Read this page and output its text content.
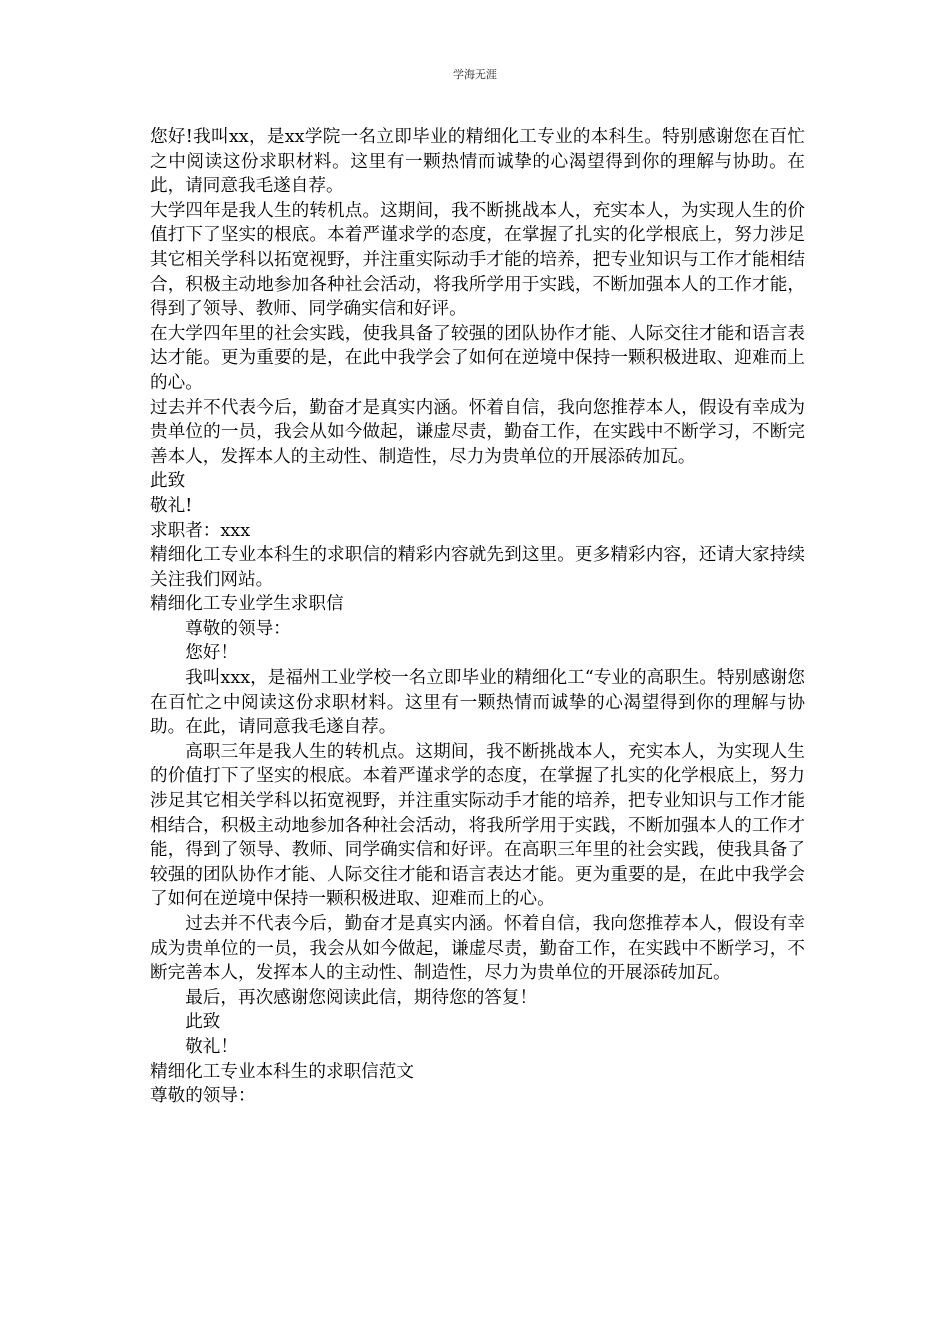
学海无涯

您好!我叫xx，是xx学院一名立即毕业的精细化工专业的本科生。特别感谢您在百忙之中阅读这份求职材料。这里有一颗热情而诚挚的心渴望得到你的理解与协助。在此，请同意我毛遂自荐。

大学四年是我人生的转机点。这期间，我不断挑战本人，充实本人，为实现人生的价值打下了坚实的根底。本着严谨求学的态度，在掌握了扎实的化学根底上，努力涉足其它相关学科以拓宽视野，并注重实际动手才能的培养，把专业知识与工作才能相结合，积极主动地参加各种社会活动，将我所学用于实践，不断加强本人的工作才能，得到了领导、教师、同学确实信和好评。

在大学四年里的社会实践，使我具备了较强的团队协作才能、人际交往才能和语言表达才能。更为重要的是，在此中我学会了如何在逆境中保持一颗积极进取、迎难而上的心。

过去并不代表今后，勤奋才是真实内涵。怀着自信，我向您推荐本人，假设有幸成为贵单位的一员，我会从如今做起，谦虚尽责，勤奋工作，在实践中不断学习，不断完善本人，发挥本人的主动性、制造性，尽力为贵单位的开展添砖加瓦。

此致

敬礼!

求职者：xxx

精细化工专业本科生的求职信的精彩内容就先到这里。更多精彩内容，还请大家持续关注我们网站。

精细化工专业学生求职信

尊敬的领导：

您好！

我叫xxx，是福州工业学校一名立即毕业的精细化工“专业的高职生。特别感谢您在百忙之中阅读这份求职材料。这里有一颗热情而诚挚的心渴望得到你的理解与协助。在此，请同意我毛遂自荐。

高职三年是我人生的转机点。这期间，我不断挑战本人，充实本人，为实现人生的价值打下了坚实的根底。本着严谨求学的态度，在掌握了扎实的化学根底上，努力涉足其它相关学科以拓宽视野，并注重实际动手才能的培养，把专业知识与工作才能相结合，积极主动地参加各种社会活动，将我所学用于实践，不断加强本人的工作才能，得到了领导、教师、同学确实信和好评。在高职三年里的社会实践，使我具备了较强的团队协作才能、人际交往才能和语言表达才能。更为重要的是，在此中我学会了如何在逆境中保持一颗积极进取、迎难而上的心。

过去并不代表今后，勤奋才是真实内涵。怀着自信，我向您推荐本人，假设有幸成为贵单位的一员，我会从如今做起，谦虚尽责，勤奋工作，在实践中不断学习，不断完善本人，发挥本人的主动性、制造性，尽力为贵单位的开展添砖加瓦。

最后，再次感谢您阅读此信，期待您的答复！

此致

敬礼！

精细化工专业本科生的求职信范文

尊敬的领导：
